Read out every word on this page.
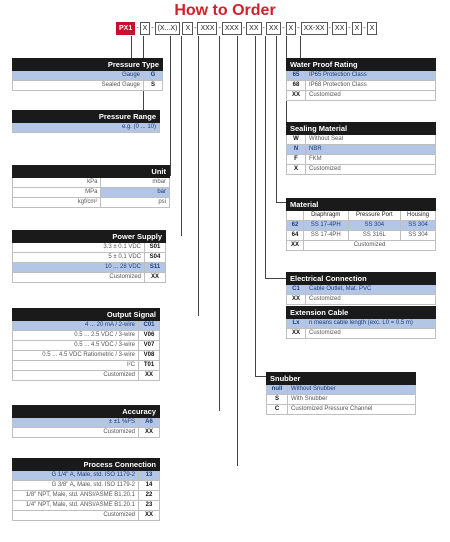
How to Order
PX1 - X - (X...X)	X - XXX - XXX - XX - XX - X - XX-XX - XX - X - X
Pressure Type	
Gauge	G
Sealed Gauge	S
Pressure Range
e.g. (0 ... 10)
Unit	
kPa	mbar
MPa	bar
kgf/cm²	psi
Power Supply	
3.3 ± 0.1 VDC	S01
5 ± 0.1 VDC	S04
10 ... 28 VDC	S11
Customized	XX
Output Signal	
4 ... 20 mA / 2-wire	C01
0.5 ... 2.5 VDC / 3-wire	V06
0.5 ... 4.5 VDC / 3-wire	V07
0.5 ... 4.5 VDC Ratiometric / 3-wire	V08
I²C	T01
Customized	XX
Accuracy	
± ±1 %FS	A6
Customized	XX
Process Connection	
G 1/4" A, Male, std. ISO 1179-2	13
G 3/8" A, Male, std. ISO 1179-2	14
1/8" NPT, Male, std. ANSI/ASME B1.20.1	22
1/4" NPT, Male, std. ANSI/ASME B1.20.1	23
Customized	XX
Water Proof Rating	
65	IP65 Protection Class
68	IP68 Protection Class
XX	Customized
Sealing Material	
W	Without Seal
N	NBR
F	FKM
X	Customized
Material			
	Diaphragm	Pressure Port	Housing
62	SS 17-4PH	SS 304	SS 304
64	SS 17-4PH	SS 316L	SS 304
XX	Customized		
Electrical Connection	
C1	Cable Outlet, Mat. PVC
XX	Customized
Extension Cable	
Lx	n means cable length (exc. L0 = 0.5 m)
XX	Customized
Snubber	
null	Without Snubber
S	With Snubber
C	Customized Pressure Channel
